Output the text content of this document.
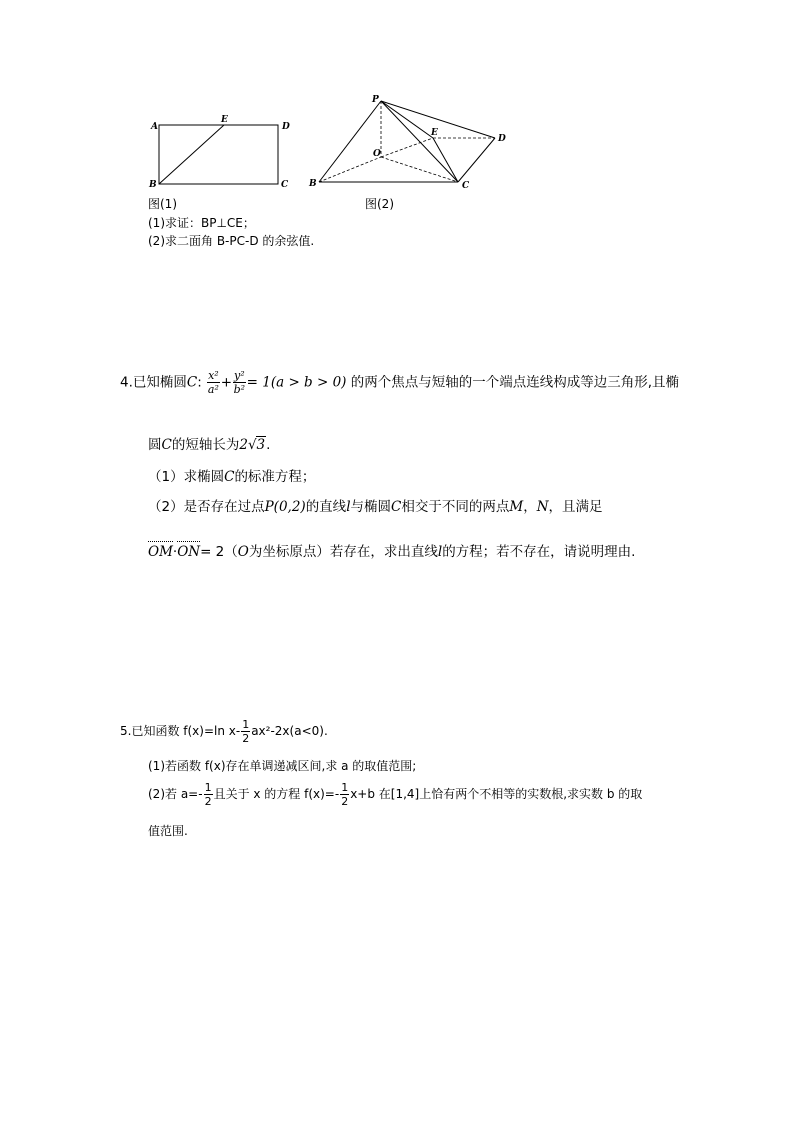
A
E
D
B	C
P
E
D
O
B	C
图(1)	图(2)
(1)求证：BP⊥CE；
(2)求二面角 B-PC-D 的余弦值.
4.已知椭圆C: $\frac{\text{x²}}{\text{a²}} + \frac{\text{y²}}{\text{b²}} = 1(a > b > 0)$ 的两个焦点与短轴的一个端点连线构成等边三角形,且椭
圆C的短轴长为2√3.
（1）求椭圆C的标准方程；
（2）是否存在过点P(0,2)的直线l与椭圆C相交于不同的两点M，N，且满足
OM·ON= 2（O为坐标原点）若存在，求出直线l的方程；若不存在，请说明理由.
5.已知函数 f(x)=ln $x- \frac{1}{2} ax^2-2x(a<0)$.
(1)若函数 f(x)存在单调递减区间,求 a 的取值范围;
(2)若 $a=- \frac{1}{2}$ 且关于 x 的方程 $f(x)=- \frac{1}{2} x+b$ 在[1,4]上恰有两个不相等的实数根,求实数 b 的取
值范围.
